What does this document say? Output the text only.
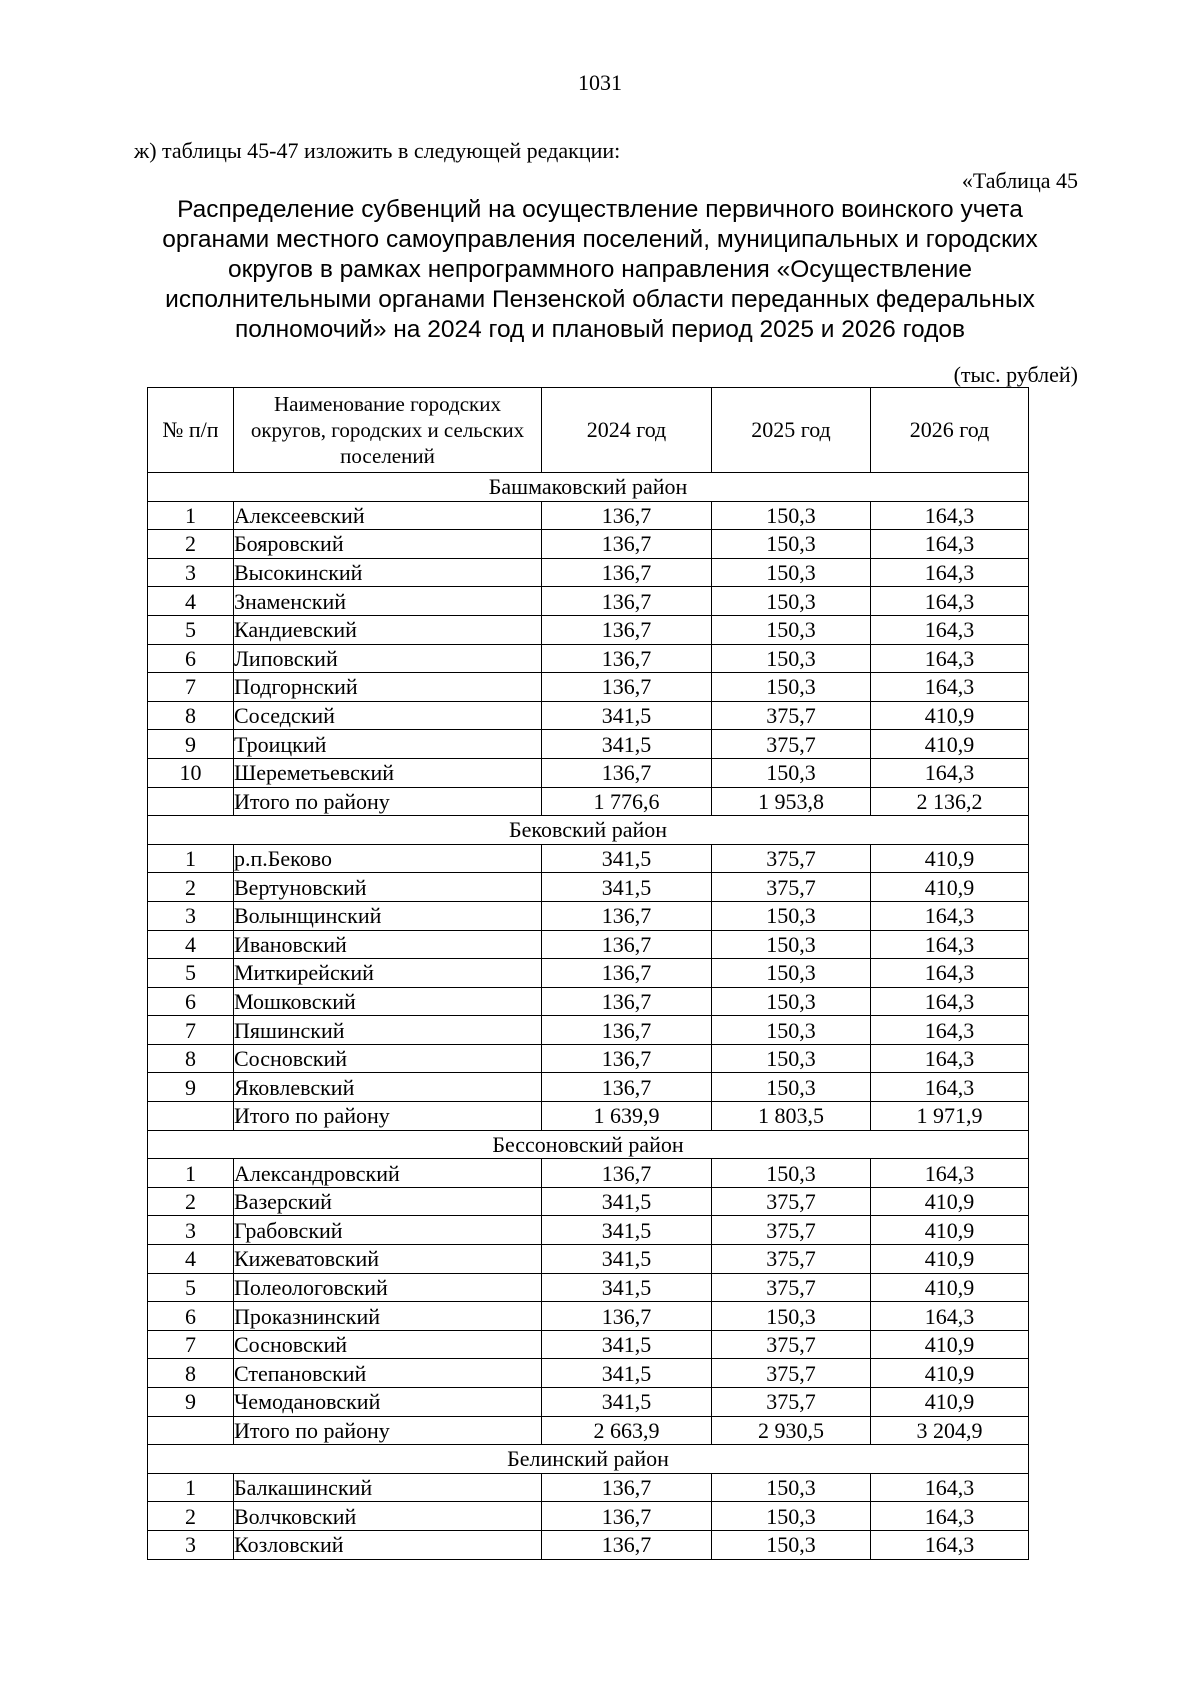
1031
ж) таблицы 45-47 изложить в следующей редакции:
«Таблица 45
Распределение субвенций на осуществление первичного воинского учета
органами местного самоуправления поселений, муниципальных и городских
округов в рамках непрограммного направления «Осуществление
исполнительными органами Пензенской области переданных федеральных
полномочий» на 2024 год и плановый период 2025 и 2026 годов
(тыс. рублей)
№ п/п	Наименование городских округов, городских и сельских поселений	2024 год	2025 год	2026 год
Башмаковский район				
1	Алексеевский	136,7	150,3	164,3
2	Бояровский	136,7	150,3	164,3
3	Высокинский	136,7	150,3	164,3
4	Знаменский	136,7	150,3	164,3
5	Кандиевский	136,7	150,3	164,3
6	Липовский	136,7	150,3	164,3
7	Подгорнский	136,7	150,3	164,3
8	Соседский	341,5	375,7	410,9
9	Троицкий	341,5	375,7	410,9
10	Шереметьевский	136,7	150,3	164,3
	Итого по району	1 776,6	1 953,8	2 136,2
Бековский район				
1	р.п.Беково	341,5	375,7	410,9
2	Вертуновский	341,5	375,7	410,9
3	Волынщинский	136,7	150,3	164,3
4	Ивановский	136,7	150,3	164,3
5	Миткирейский	136,7	150,3	164,3
6	Мошковский	136,7	150,3	164,3
7	Пяшинский	136,7	150,3	164,3
8	Сосновский	136,7	150,3	164,3
9	Яковлевский	136,7	150,3	164,3
	Итого по району	1 639,9	1 803,5	1 971,9
Бессоновский район				
1	Александровский	136,7	150,3	164,3
2	Вазерский	341,5	375,7	410,9
3	Грабовский	341,5	375,7	410,9
4	Кижеватовский	341,5	375,7	410,9
5	Полеологовский	341,5	375,7	410,9
6	Проказнинский	136,7	150,3	164,3
7	Сосновский	341,5	375,7	410,9
8	Степановский	341,5	375,7	410,9
9	Чемодановский	341,5	375,7	410,9
	Итого по району	2 663,9	2 930,5	3 204,9
Белинский район				
1	Балкашинский	136,7	150,3	164,3
2	Волчковский	136,7	150,3	164,3
3	Козловский	136,7	150,3	164,3
